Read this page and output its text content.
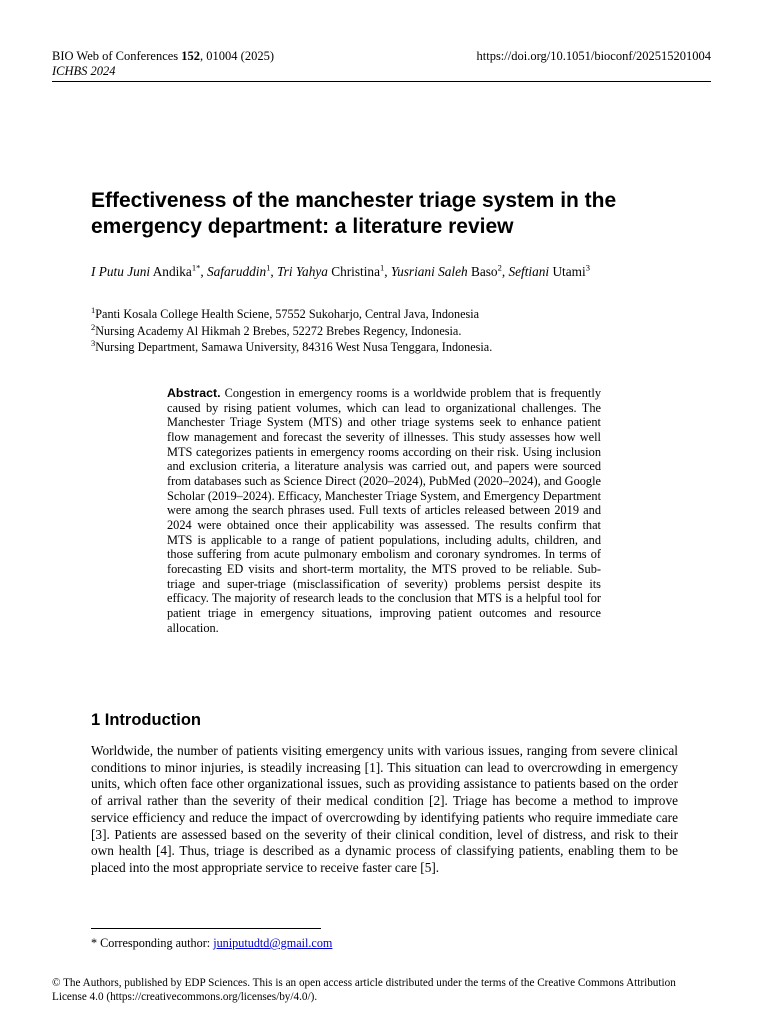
BIO Web of Conferences 152, 01004 (2025)
ICHBS 2024
https://doi.org/10.1051/bioconf/202515201004
Effectiveness of the manchester triage system in the emergency department: a literature review
I Putu Juni Andika$^{1*}$, Safaruddin$^1$, Tri Yahya Christina$^1$, Yusriani Saleh Baso$^2$, Seftiani Utami$^3$
$^1$Panti Kosala College Health Sciene, 57552 Sukoharjo, Central Java, Indonesia
$^2$Nursing Academy Al Hikmah 2 Brebes, 52272 Brebes Regency, Indonesia.
$^3$Nursing Department, Samawa University, 84316 West Nusa Tenggara, Indonesia.

Abstract. Congestion in emergency rooms is a worldwide problem that is frequently caused by rising patient volumes, which can lead to organizational challenges. The Manchester Triage System (MTS) and other triage systems seek to enhance patient flow management and forecast the severity of illnesses. This study assesses how well MTS categorizes patients in emergency rooms according on their risk. Using inclusion and exclusion criteria, a literature analysis was carried out, and papers were sourced from databases such as Science Direct (2020–2024), PubMed (2020–2024), and Google Scholar (2019–2024). Efficacy, Manchester Triage System, and Emergency Department were among the search phrases used. Full texts of articles released between 2019 and 2024 were obtained once their applicability was assessed. The results confirm that MTS is applicable to a range of patient populations, including adults, children, and those suffering from acute pulmonary embolism and coronary syndromes. In terms of forecasting ED visits and short-term mortality, the MTS proved to be reliable. Sub-triage and super-triage (misclassification of severity) problems persist despite its efficacy. The majority of research leads to the conclusion that MTS is a helpful tool for patient triage in emergency situations, improving patient outcomes and resource allocation.

1 Introduction

Worldwide, the number of patients visiting emergency units with various issues, ranging from severe clinical conditions to minor injuries, is steadily increasing [1]. This situation can lead to overcrowding in emergency units, which often face other organizational issues, such as providing assistance to patients based on the order of arrival rather than the severity of their medical condition [2]. Triage has become a method to improve service efficiency and reduce the impact of overcrowding by identifying patients who require immediate care [3]. Patients are assessed based on the severity of their clinical condition, level of distress, and risk to their own health [4]. Thus, triage is described as a dynamic process of classifying patients, enabling them to be placed into the most appropriate service to receive faster care [5].

* Corresponding author: juniputudtd@gmail.com

© The Authors, published by EDP Sciences. This is an open access article distributed under the terms of the Creative Commons Attribution License 4.0 (https://creativecommons.org/licenses/by/4.0/).
